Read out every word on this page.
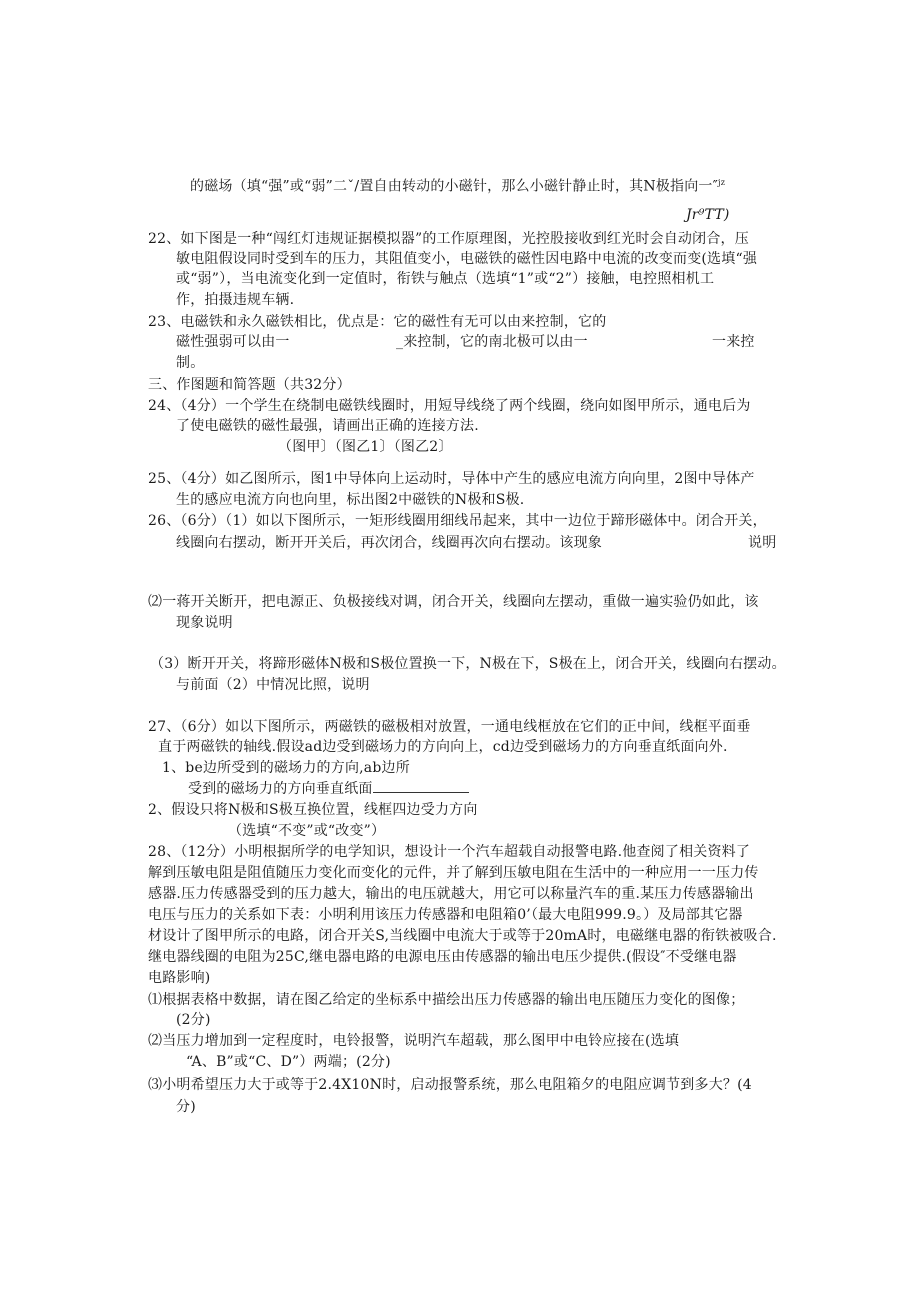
的磁场（填“强”或“弱”二ˇ/置自由转动的小磁针，那么小磁针静止时，其N极指向一″$^{jz}$
Jr⁹TT)
22、如下图是一种“闯红灯违规证据模拟器”的工作原理图，光控股接收到红光时会自动闭合，压
敏电阻假设同时受到车的压力，其阻值变小，电磁铁的磁性因电路中电流的改变而变(选填“强
或“弱”），当电流变化到一定值时，衔铁与触点（选填“1”或“2”）接触，电控照相机工
作，拍摄违规车辆.
23、电磁铁和永久磁铁相比，优点是：它的磁性有无可以由来控制，它的
磁性强弱可以由一	_来控制，它的南北极可以由一	一来控
制。
三、作图题和简答题（共32分）
24、（4分）一个学生在绕制电磁铁线圈时，用短导线绕了两个线圈，绕向如图甲所示，通电后为
了使电磁铁的磁性最强，请画出正确的连接方法.
（图甲〕（图乙1〕（图乙2〕
25、（4分）如乙图所示，图1中导体向上运动时，导体中产生的感应电流方向向里，2图中导体产
生的感应电流方向也向里，标出图2中磁铁的N极和S极.
26、（6分）（1）如以下图所示，一矩形线圈用细线吊起来，其中一边位于蹄形磁体中。闭合开关，
线圈向右摆动，断开开关后，再次闭合，线圈再次向右摆动。该现象	说明
⑵一蒋开关断开，把电源正、负极接线对调，闭合开关，线圈向左摆动，重做一遍实验仍如此，该
现象说明
（3）断开开关，将蹄形磁体N极和S极位置换一下，N极在下，S极在上，闭合开关，线圈向右摆动。
与前面（2）中情况比照，说明
27、（6分）如以下图所示，两磁铁的磁极相对放置，一通电线框放在它们的正中间，线框平面垂
直于两磁铁的轴线.假设ad边受到磁场力的方向向上，cd边受到磁场力的方向垂直纸面向外.
1、be边所受到的磁场力的方向,ab边所
受到的磁场力的方向垂直纸面
2、假设只将N极和S极互换位置，线框四边受力方向
（选填“不变”或“改变”）
28、（12分）小明根据所学的电学知识，想设计一个汽车超载自动报警电路.他查阅了相关资料了
解到压敏电阻是阻值随压力变化而变化的元件，并了解到压敏电阻在生活中的一种应用一一压力传
感器.压力传感器受到的压力越大，输出的电压就越大，用它可以称量汽车的重.某压力传感器输出
电压与压力的关系如下表：小明利用该压力传感器和电阻箱0’（最大电阻999.9。）及局部其它器
材设计了图甲所示的电路，闭合开关S,当线圈中电流大于或等于20mA时，电磁继电器的衔铁被吸合.
继电器线圈的电阻为25C,继电器电路的电源电压由传感器的输出电压少提供.(假设″不受继电器
电路影响)
⑴根据表格中数据，请在图乙给定的坐标系中描绘出压力传感器的输出电压随压力变化的图像；
(2分)
⑵当压力增加到一定程度时，电铃报警，说明汽车超载，那么图甲中电铃应接在(选填
“A、B”或“C、D”）两端；(2分)
⑶小明希望压力大于或等于2.4X10N时，启动报警系统，那么电阻箱夕的电阻应调节到多大？(4
分)
